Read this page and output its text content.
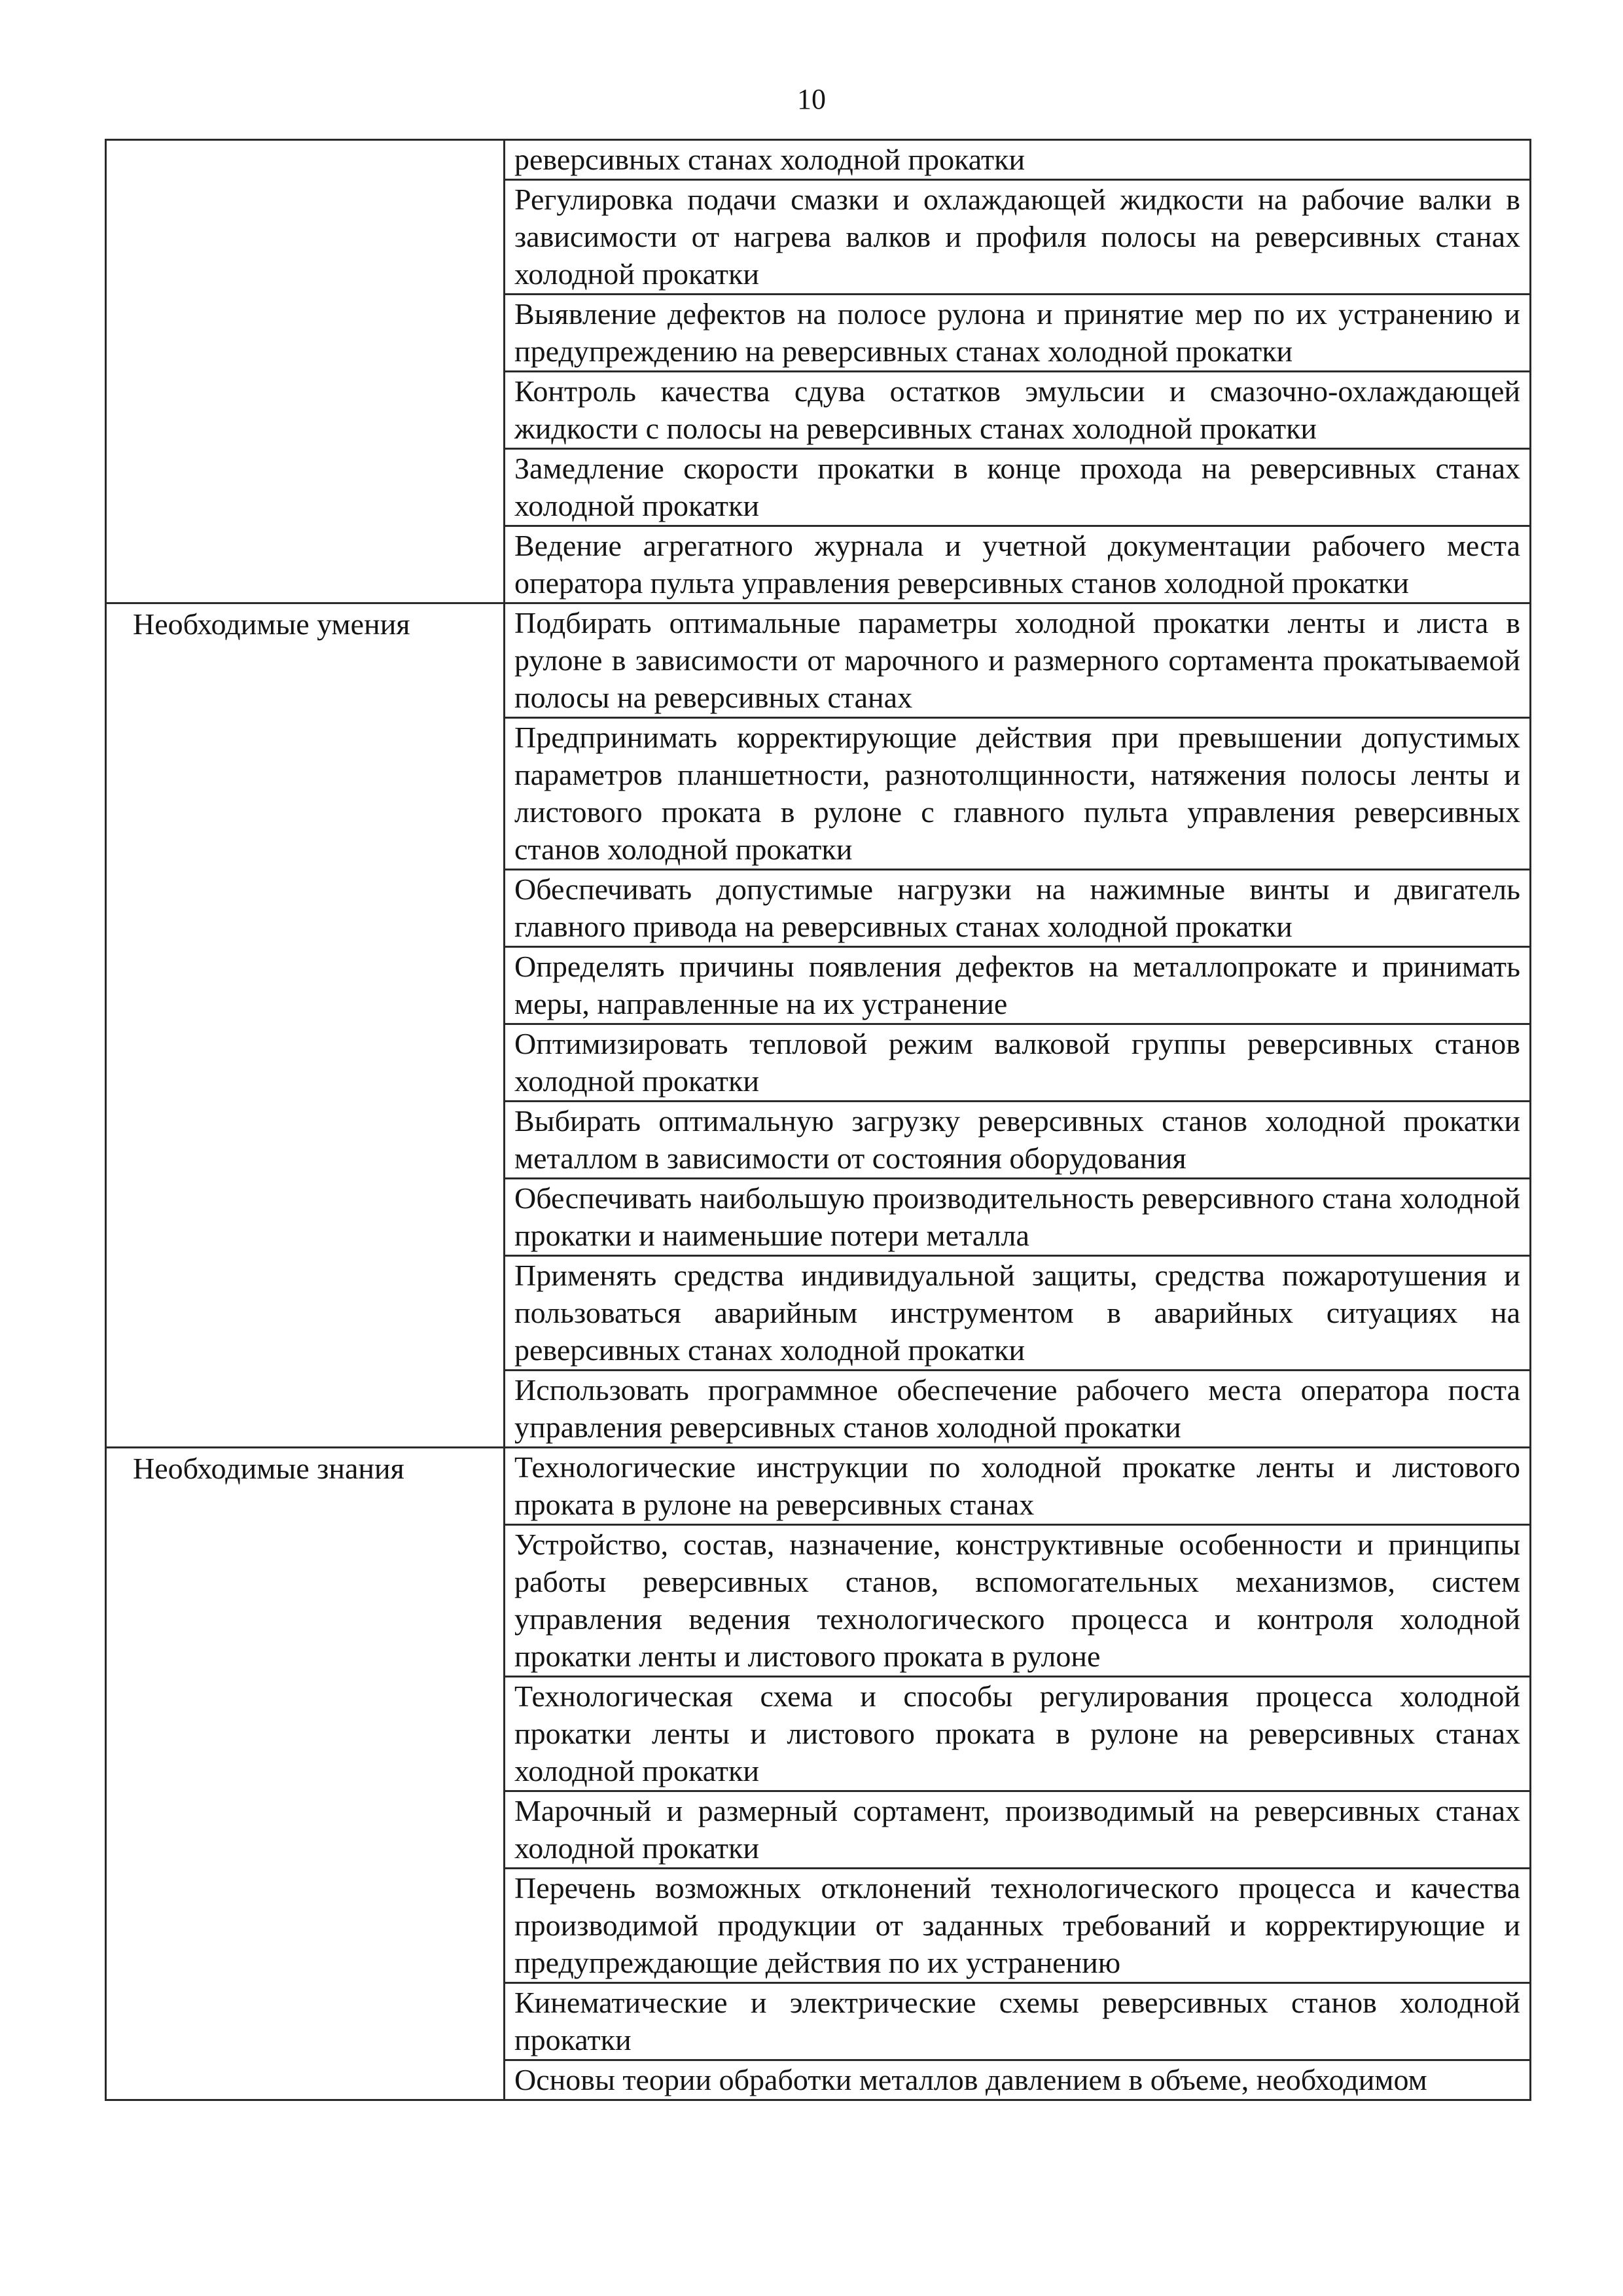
10
	реверсивных станах холодной прокатки
	Регулировка подачи смазки и охлаждающей жидкости на рабочие валки в зависимости от нагрева валков и профиля полосы на реверсивных станах холодной прокатки
	Выявление дефектов на полосе рулона и принятие мер по их устранению и предупреждению на реверсивных станах холодной прокатки
	Контроль качества сдува остатков эмульсии и смазочно-охлаждающей жидкости с полосы на реверсивных станах холодной прокатки
	Замедление скорости прокатки в конце прохода на реверсивных станах холодной прокатки
	Ведение агрегатного журнала и учетной документации рабочего места оператора пульта управления реверсивных станов холодной прокатки
Необходимые умения	Подбирать оптимальные параметры холодной прокатки ленты и листа в рулоне в зависимости от марочного и размерного сортамента прокатываемой полосы на реверсивных станах
	Предпринимать корректирующие действия при превышении допустимых параметров планшетности, разнотолщинности, натяжения полосы ленты и листового проката в рулоне с главного пульта управления реверсивных станов холодной прокатки
	Обеспечивать допустимые нагрузки на нажимные винты и двигатель главного привода на реверсивных станах холодной прокатки
	Определять причины появления дефектов на металлопрокате и принимать меры, направленные на их устранение
	Оптимизировать тепловой режим валковой группы реверсивных станов холодной прокатки
	Выбирать оптимальную загрузку реверсивных станов холодной прокатки металлом в зависимости от состояния оборудования
	Обеспечивать наибольшую производительность реверсивного стана холодной прокатки и наименьшие потери металла
	Применять средства индивидуальной защиты, средства пожаротушения и пользоваться аварийным инструментом в аварийных ситуациях на реверсивных станах холодной прокатки
	Использовать программное обеспечение рабочего места оператора поста управления реверсивных станов холодной прокатки
Необходимые знания	Технологические инструкции по холодной прокатке ленты и листового проката в рулоне на реверсивных станах
	Устройство, состав, назначение, конструктивные особенности и принципы работы реверсивных станов, вспомогательных механизмов, систем управления ведения технологического процесса и контроля холодной прокатки ленты и листового проката в рулоне
	Технологическая схема и способы регулирования процесса холодной прокатки ленты и листового проката в рулоне на реверсивных станах холодной прокатки
	Марочный и размерный сортамент, производимый на реверсивных станах холодной прокатки
	Перечень возможных отклонений технологического процесса и качества производимой продукции от заданных требований и корректирующие и предупреждающие действия по их устранению
	Кинематические и электрические схемы реверсивных станов холодной прокатки
	Основы теории обработки металлов давлением в объеме, необходимом
